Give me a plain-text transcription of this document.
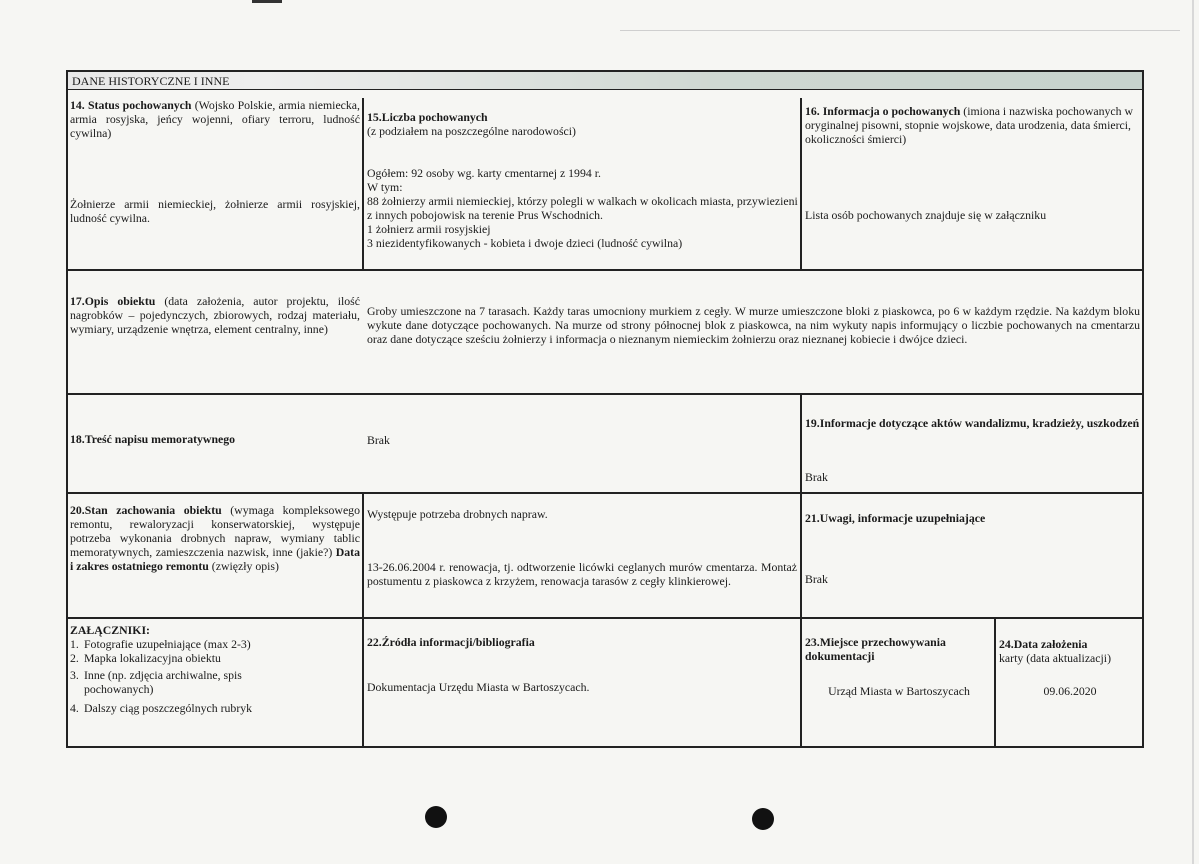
DANE HISTORYCZNE I INNE
14. Status pochowanych (Wojsko Polskie, armia niemiecka, armia rosyjska, jeńcy wojenni, ofiary terroru, ludność cywilna)
Żołnierze armii niemieckiej, żołnierze armii rosyjskiej, ludność cywilna.
15.Liczba pochowanych
(z podziałem na poszczególne narodowości)
Ogółem: 92 osoby wg. karty cmentarnej z 1994 r.
W tym:
88 żołnierzy armii niemieckiej, którzy polegli w walkach w okolicach miasta, przywiezieni z innych pobojowisk na terenie Prus Wschodnich.
1 żołnierz armii rosyjskiej
3 niezidentyfikowanych - kobieta i dwoje dzieci (ludność cywilna)
16. Informacja o pochowanych (imiona i nazwiska pochowanych w oryginalnej pisowni, stopnie wojskowe, data urodzenia, data śmierci, okoliczności śmierci)
Lista osób pochowanych znajduje się w załączniku
17.Opis obiektu (data założenia, autor projektu, ilość nagrobków – pojedynczych, zbiorowych, rodzaj materiału, wymiary, urządzenie wnętrza, element centralny, inne)
Groby umieszczone na 7 tarasach. Każdy taras umocniony murkiem z cegły. W murze umieszczone bloki z piaskowca, po 6 w każdym rzędzie. Na każdym bloku wykute dane dotyczące pochowanych. Na murze od strony północnej blok z piaskowca, na nim wykuty napis informujący o liczbie pochowanych na cmentarzu oraz dane dotyczące sześciu żołnierzy i informacja o nieznanym niemieckim żołnierzu oraz nieznanej kobiecie i dwójce dzieci.
18.Treść napisu memoratywnego	Brak
19.Informacje dotyczące aktów wandalizmu, kradzieży, uszkodzeń
Brak
20.Stan zachowania obiektu (wymaga kompleksowego remontu, rewaloryzacji konserwatorskiej, występuje potrzeba wykonania drobnych napraw, wymiany tablic memoratywnych, zamieszczenia nazwisk, inne (jakie?) Data i zakres ostatniego remontu (zwięzły opis)
Występuje potrzeba drobnych napraw.
13-26.06.2004 r. renowacja, tj. odtworzenie licówki ceglanych murów cmentarza. Montaż postumentu z piaskowca z krzyżem, renowacja tarasów z cegły klinkierowej.
21.Uwagi, informacje uzupełniające
Brak
ZAŁĄCZNIKI:
1. Fotografie uzupełniające (max 2-3)
2. Mapka lokalizacyjna obiektu
3. Inne (np. zdjęcia archiwalne, spis pochowanych)
4. Dalszy ciąg poszczególnych rubryk
22.Źródła informacji/bibliografia
Dokumentacja Urzędu Miasta w Bartoszycach.
23.Miejsce przechowywania dokumentacji
Urząd Miasta w Bartoszycach
24.Data założenia
karty (data aktualizacji)
09.06.2020
